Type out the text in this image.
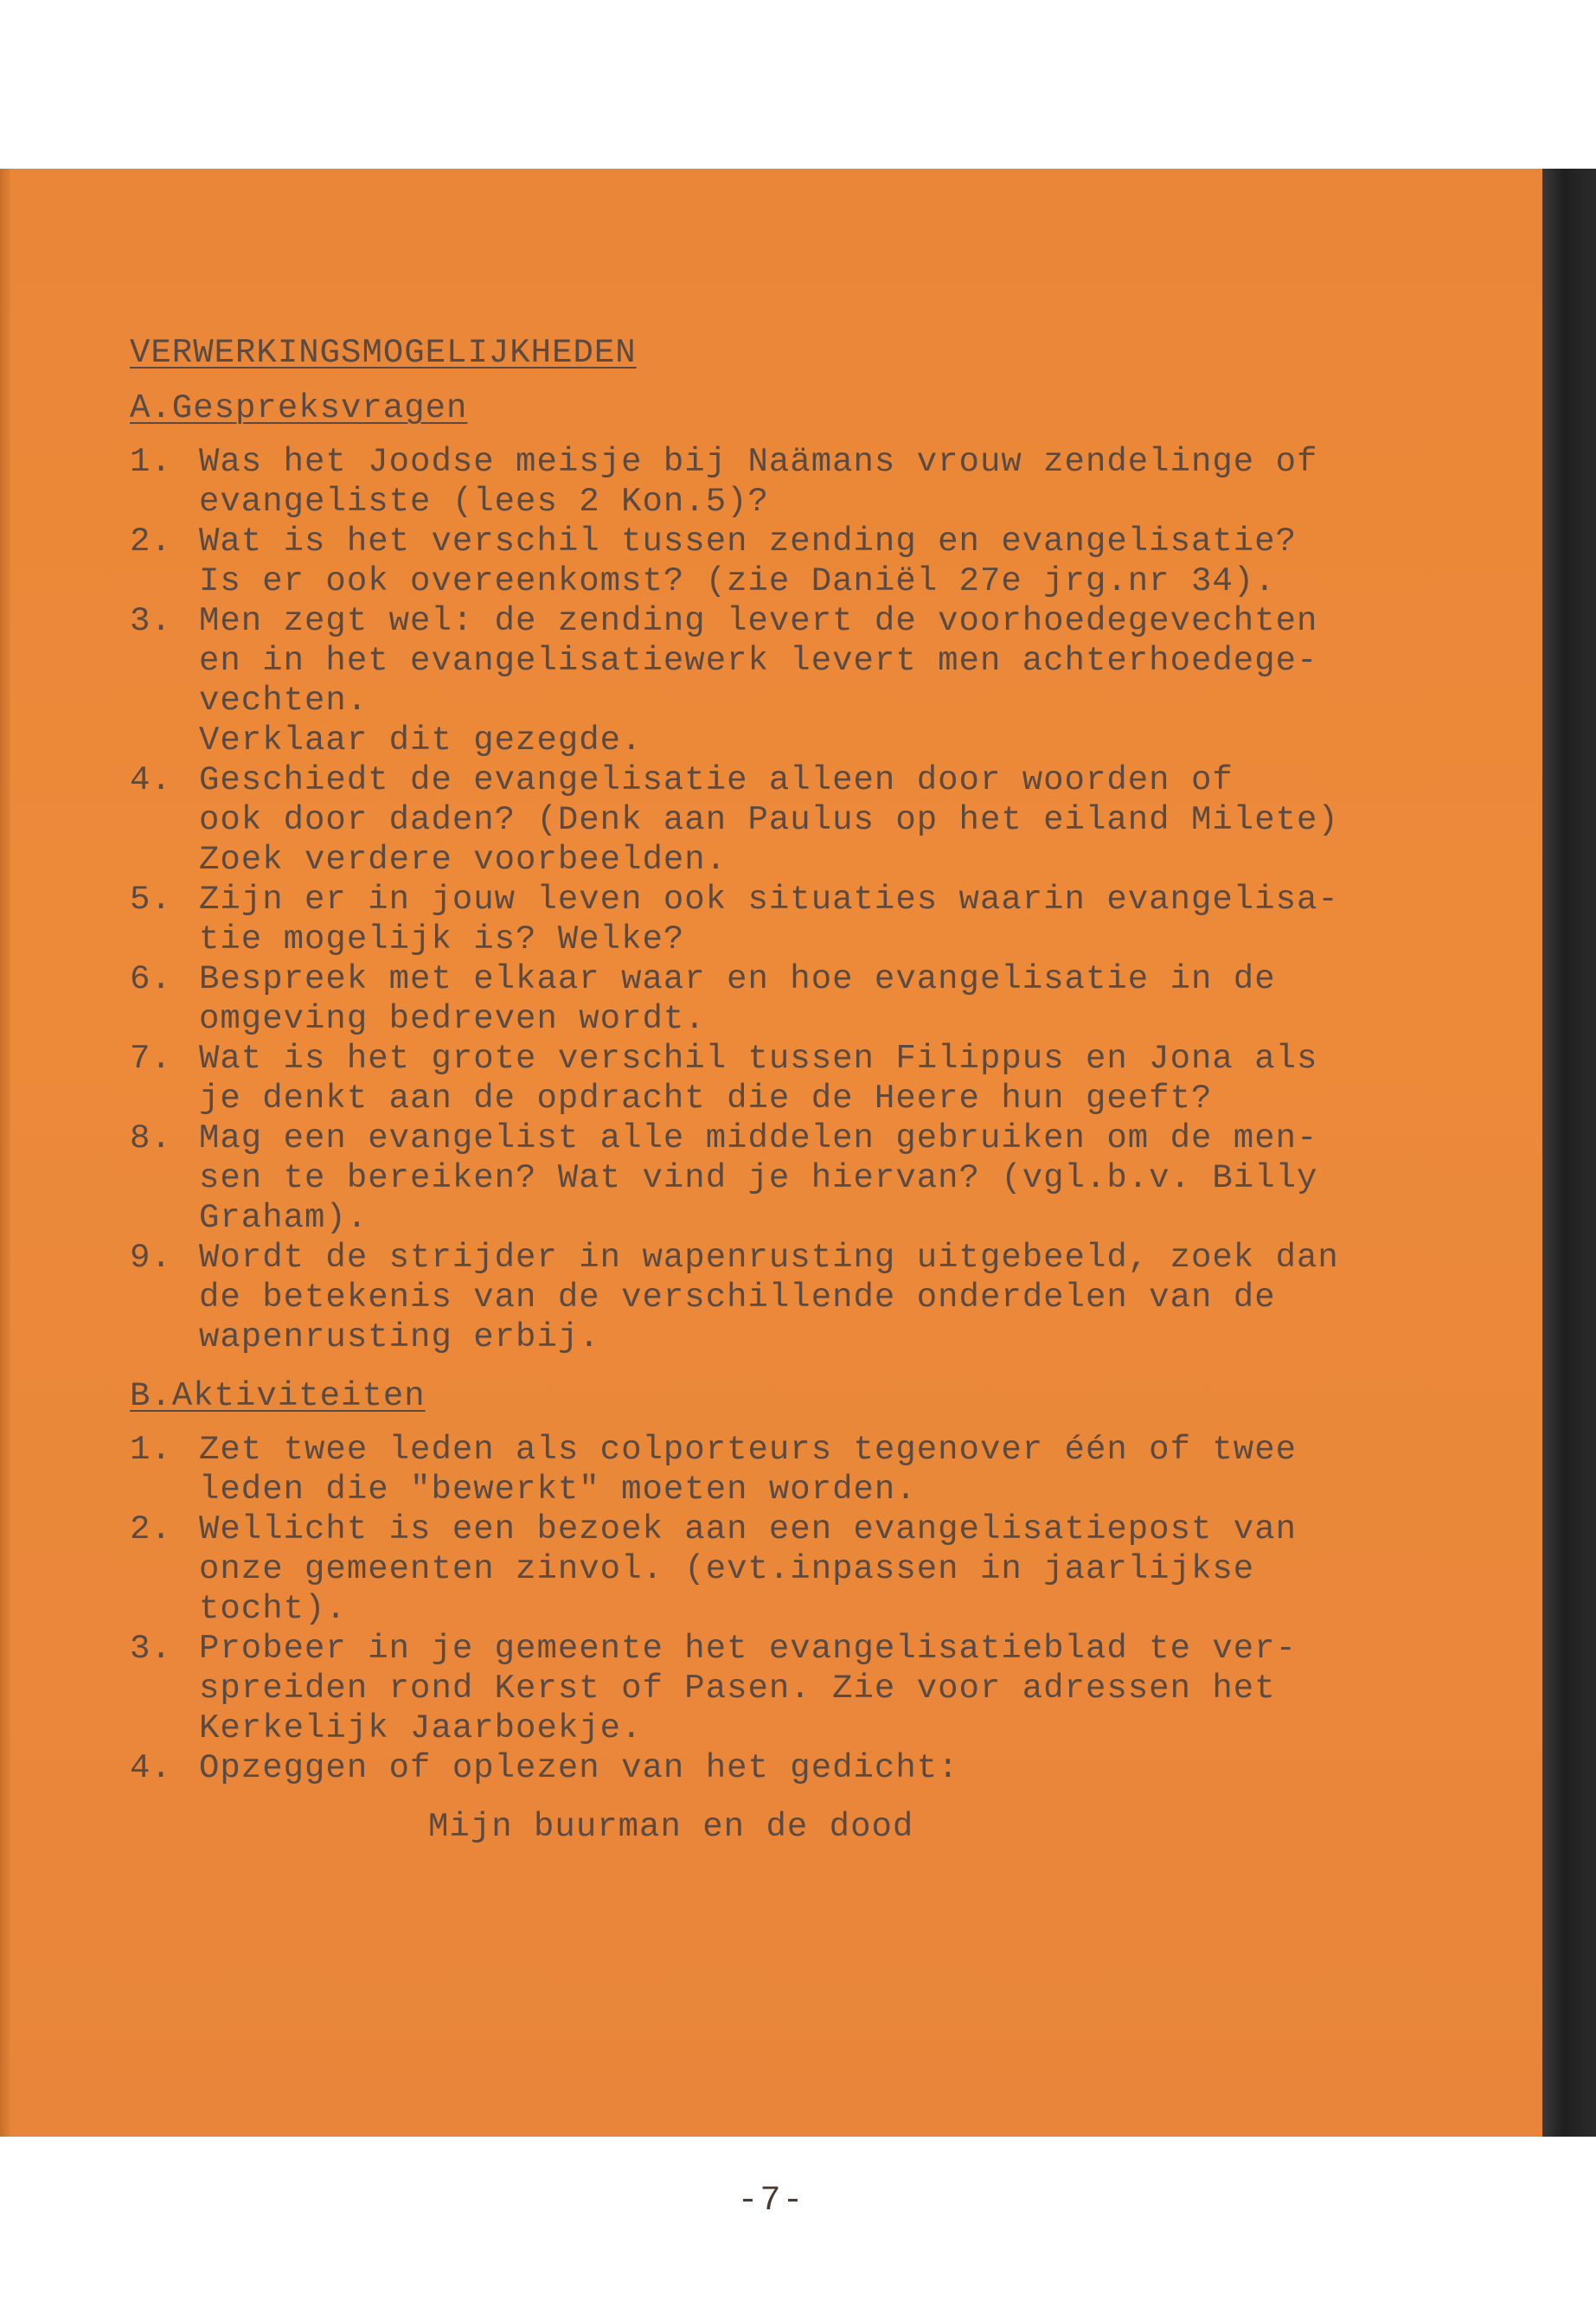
VERWERKINGSMOGELIJKHEDEN
A.Gespreksvragen
1. Was het Joodse meisje bij Naämans vrouw zendelinge of
evangeliste (lees 2 Kon.5)?
2. Wat is het verschil tussen zending en evangelisatie?
Is er ook overeenkomst? (zie Daniël 27e jrg.nr 34).
3. Men zegt wel: de zending levert de voorhoedegevechten
en in het evangelisatiewerk levert men achterhoedege-
vechten.
Verklaar dit gezegde.
4. Geschiedt de evangelisatie alleen door woorden of
ook door daden? (Denk aan Paulus op het eiland Milete)
Zoek verdere voorbeelden.
5. Zijn er in jouw leven ook situaties waarin evangelisa-
tie mogelijk is? Welke?
6. Bespreek met elkaar waar en hoe evangelisatie in de
omgeving bedreven wordt.
7. Wat is het grote verschil tussen Filippus en Jona als
je denkt aan de opdracht die de Heere hun geeft?
8. Mag een evangelist alle middelen gebruiken om de men-
sen te bereiken? Wat vind je hiervan? (vgl.b.v. Billy
Graham).
9. Wordt de strijder in wapenrusting uitgebeeld, zoek dan
de betekenis van de verschillende onderdelen van de
wapenrusting erbij.
B.Aktiviteiten
1. Zet twee leden als colporteurs tegenover één of twee
leden die "bewerkt" moeten worden.
2. Wellicht is een bezoek aan een evangelisatiepost van
onze gemeenten zinvol. (evt.inpassen in jaarlijkse
tocht).
3. Probeer in je gemeente het evangelisatieblad te ver-
spreiden rond Kerst of Pasen. Zie voor adressen het
Kerkelijk Jaarboekje.
4. Opzeggen of oplezen van het gedicht:
Mijn buurman en de dood
-7-
